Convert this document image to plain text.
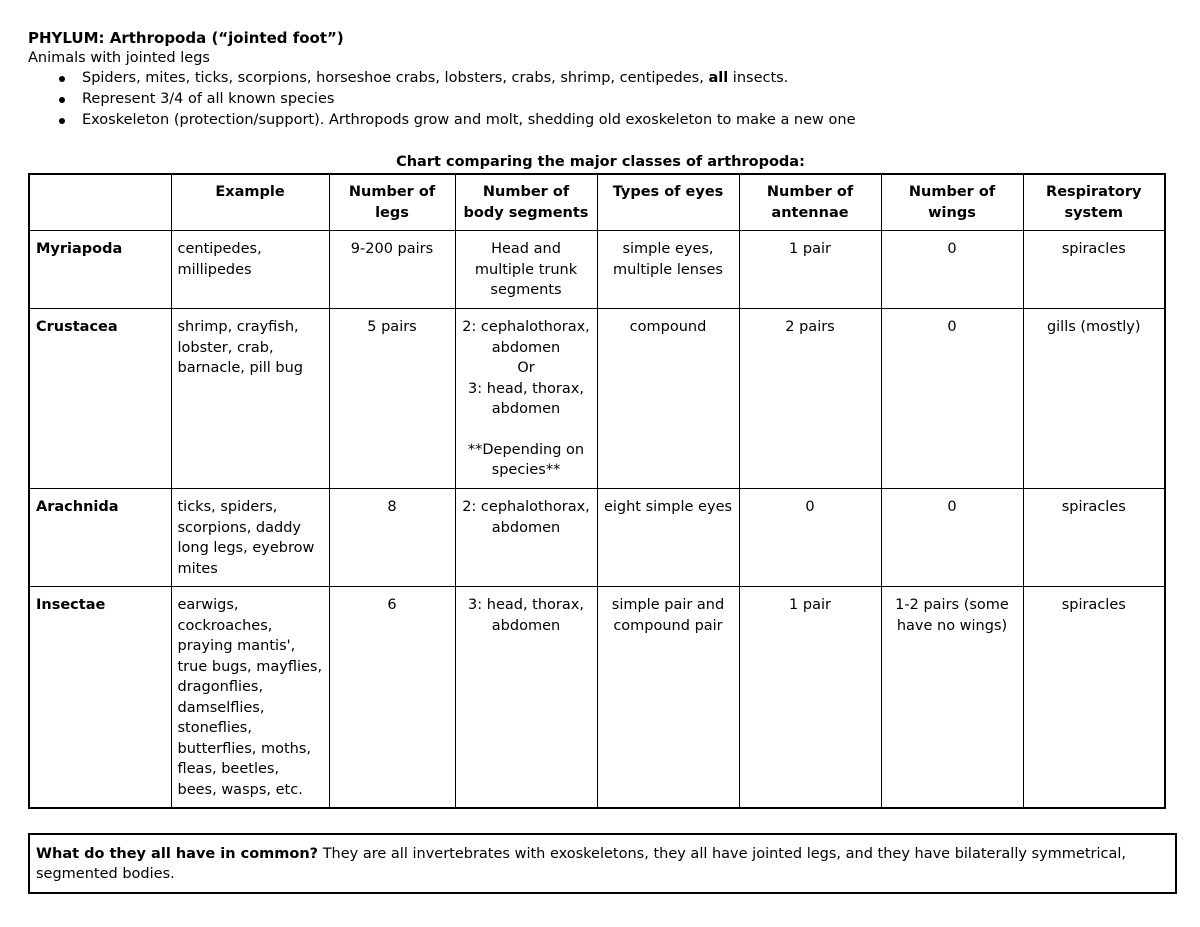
PHYLUM: Arthropoda (“jointed foot”)
Animals with jointed legs
Spiders, mites, ticks, scorpions, horseshoe crabs, lobsters, crabs, shrimp, centipedes, all insects.
Represent 3/4 of all known species
Exoskeleton (protection/support). Arthropods grow and molt, shedding old exoskeleton to make a new one
Chart comparing the major classes of arthropoda:
	Example	Number of legs	Number of body segments	Types of eyes	Number of antennae	Number of wings	Respiratory system
Myriapoda	centipedes, millipedes	9-200 pairs	Head and multiple trunk segments	simple eyes, multiple lenses	1 pair	0	spiracles
Crustacea	shrimp, crayfish, lobster, crab, barnacle, pill bug	5 pairs	2: cephalothorax, abdomen
Or
3: head, thorax, abdomen
**Depending on species**	compound	2 pairs	0	gills (mostly)
Arachnida	ticks, spiders, scorpions, daddy long legs, eyebrow mites	8	2: cephalothorax, abdomen	eight simple eyes	0	0	spiracles
Insectae	earwigs, cockroaches, praying mantis', true bugs, mayflies, dragonflies, damselflies, stoneflies, butterflies, moths, fleas, beetles, bees, wasps, etc.	6	3: head, thorax, abdomen	simple pair and compound pair	1 pair	1-2 pairs (some have no wings)	spiracles
What do they all have in common? They are all invertebrates with exoskeletons, they all have jointed legs, and they have bilaterally symmetrical, segmented bodies.
